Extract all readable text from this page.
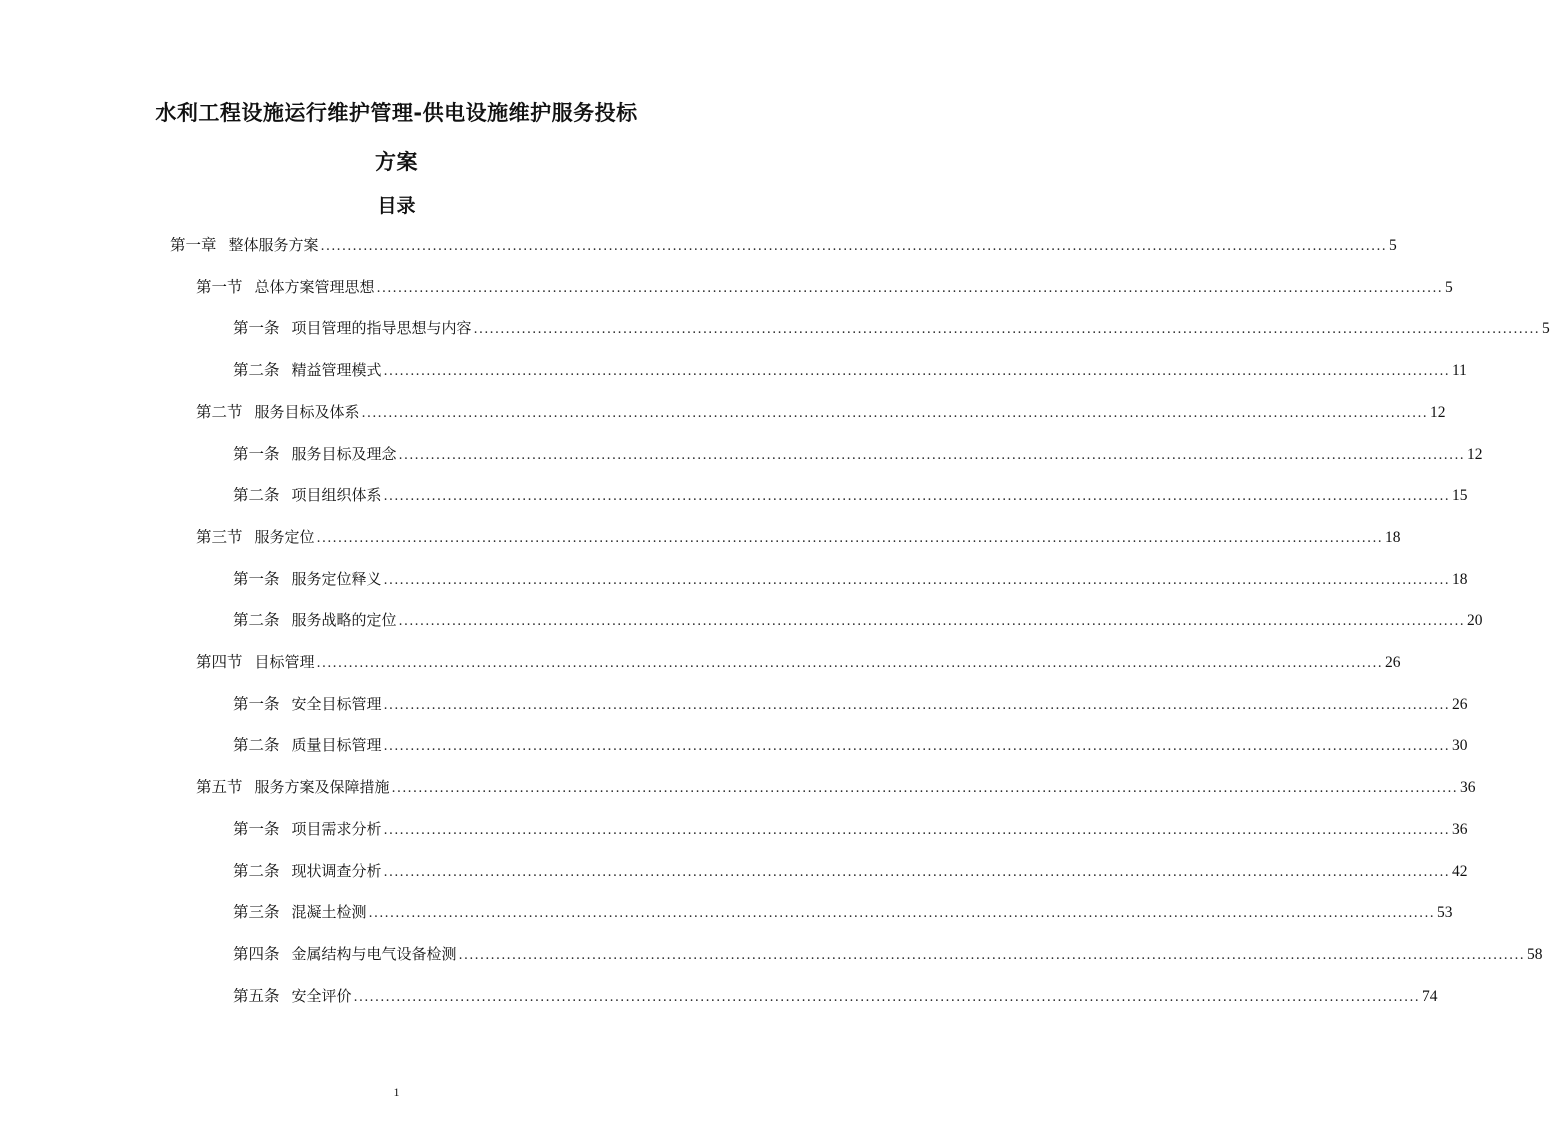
水利工程设施运行维护管理-供电设施维护服务投标
方案
目录
第一章 整体服务方案 ........................................................................................................................................................................................................ 5
第一节 总体方案管理思想 ........................................................................................................................................................................................................ 5
第一条 项目管理的指导思想与内容 ........................................................................................................................................................................................................ 5
第二条 精益管理模式 ........................................................................................................................................................................................................ 11
第二节 服务目标及体系 ........................................................................................................................................................................................................ 12
第一条 服务目标及理念 ........................................................................................................................................................................................................ 12
第二条 项目组织体系 ........................................................................................................................................................................................................ 15
第三节 服务定位 ........................................................................................................................................................................................................ 18
第一条 服务定位释义 ........................................................................................................................................................................................................ 18
第二条 服务战略的定位 ........................................................................................................................................................................................................ 20
第四节 目标管理 ........................................................................................................................................................................................................ 26
第一条 安全目标管理 ........................................................................................................................................................................................................ 26
第二条 质量目标管理 ........................................................................................................................................................................................................ 30
第五节 服务方案及保障措施 ........................................................................................................................................................................................................ 36
第一条 项目需求分析 ........................................................................................................................................................................................................ 36
第二条 现状调查分析 ........................................................................................................................................................................................................ 42
第三条 混凝土检测 ........................................................................................................................................................................................................ 53
第四条 金属结构与电气设备检测 ........................................................................................................................................................................................................ 58
第五条 安全评价 ........................................................................................................................................................................................................ 74
1
